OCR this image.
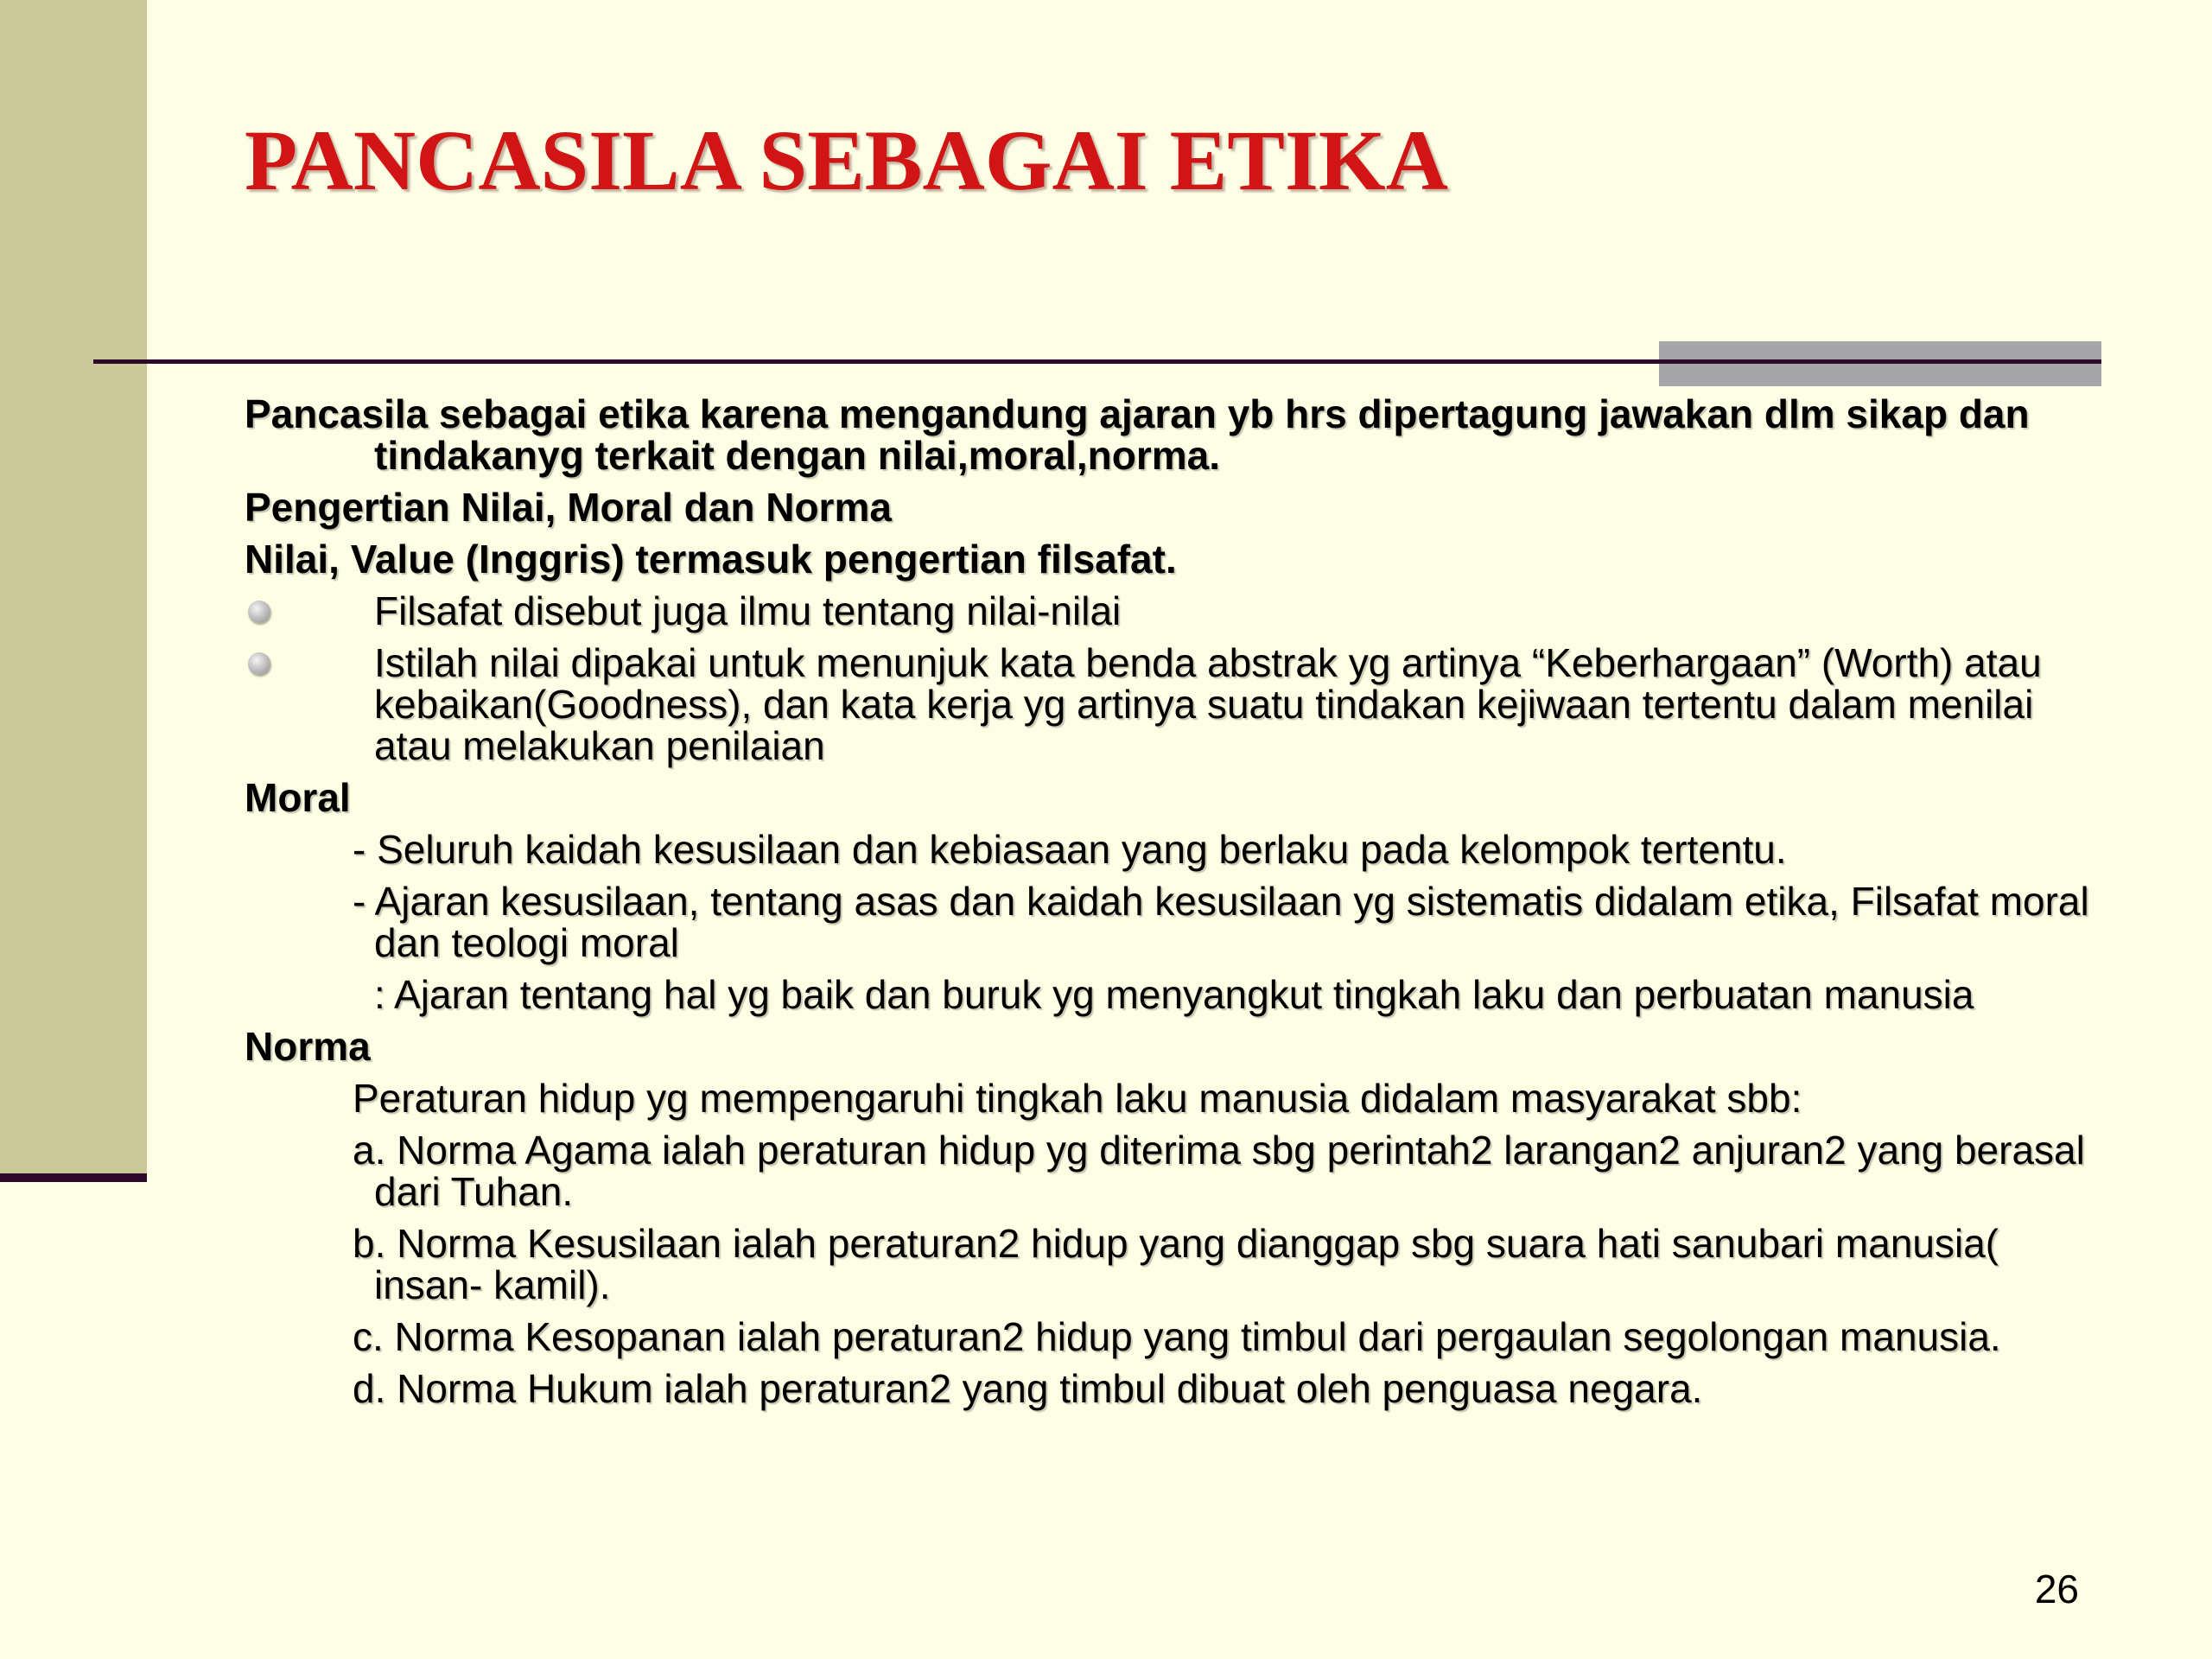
PANCASILA SEBAGAI ETIKA

Pancasila sebagai etika karena mengandung ajaran yb hrs dipertagung jawakan dlm sikap dan tindakanyg terkait dengan nilai,moral,norma.

Pengertian Nilai, Moral dan Norma

Nilai, Value (Inggris) termasuk pengertian filsafat.

Filsafat disebut juga ilmu tentang nilai-nilai
Istilah nilai dipakai untuk menunjuk kata benda abstrak yg artinya “Keberhargaan” (Worth) atau kebaikan(Goodness), dan kata kerja yg artinya suatu tindakan kejiwaan tertentu dalam menilai atau melakukan penilaian

Moral

- Seluruh kaidah kesusilaan dan kebiasaan yang berlaku pada kelompok tertentu.

- Ajaran kesusilaan, tentang asas dan kaidah kesusilaan yg sistematis didalam etika, Filsafat moral dan teologi moral

: Ajaran tentang hal yg baik dan buruk yg menyangkut tingkah laku dan perbuatan manusia

Norma

Peraturan hidup yg mempengaruhi tingkah laku manusia didalam masyarakat sbb:

a. Norma Agama ialah peraturan hidup yg diterima sbg perintah2 larangan2 anjuran2 yang berasal dari Tuhan.

b. Norma Kesusilaan ialah peraturan2 hidup yang dianggap sbg suara hati sanubari manusia( insan- kamil).

c. Norma Kesopanan ialah peraturan2 hidup yang timbul dari pergaulan segolongan manusia.

d. Norma Hukum ialah peraturan2 yang timbul dibuat oleh penguasa negara.

26
